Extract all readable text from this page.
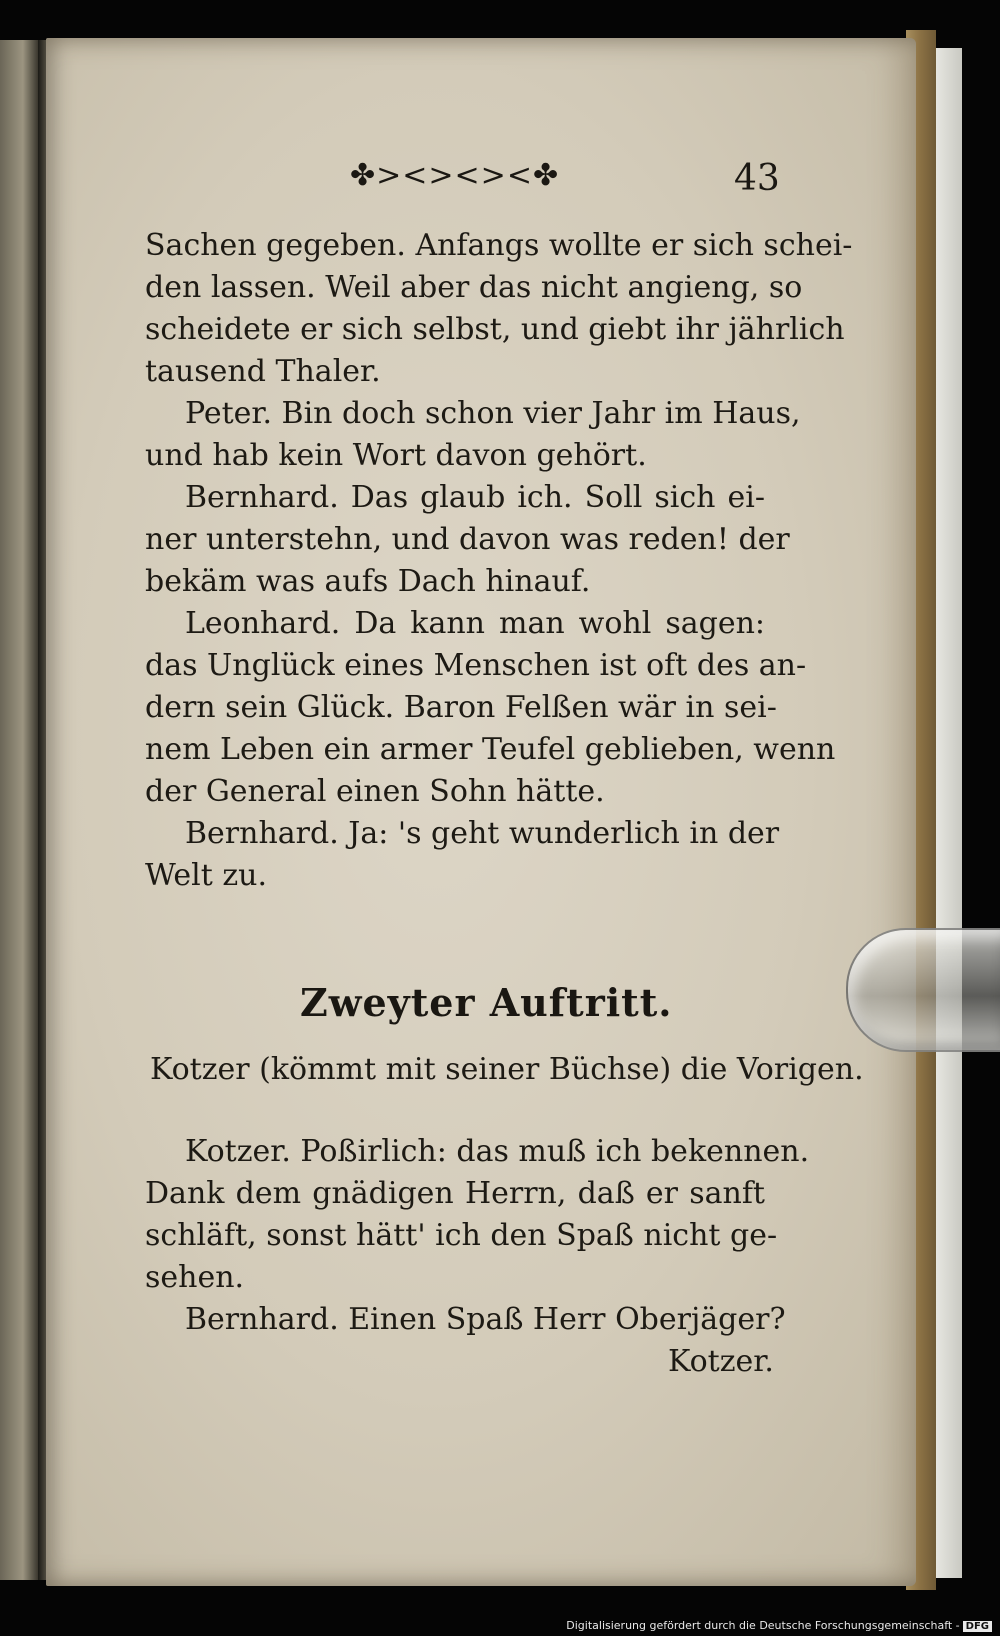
✤><><><✤	43
Sachen gegeben. Anfangs wollte er sich schei-
den lassen. Weil aber das nicht angieng, so
scheidete er sich selbst, und giebt ihr jährlich
tausend Thaler.
Peter. Bin doch schon vier Jahr im Haus,
und hab kein Wort davon gehört.
Bernhard. Das glaub ich. Soll sich ei-
ner unterstehn, und davon was reden! der
bekäm was aufs Dach hinauf.
Leonhard. Da kann man wohl sagen:
das Unglück eines Menschen ist oft des an-
dern sein Glück. Baron Felßen wär in sei-
nem Leben ein armer Teufel geblieben, wenn
der General einen Sohn hätte.
Bernhard. Ja: 's geht wunderlich in der
Welt zu.
Zweyter Auftritt.
Kotzer (kömmt mit seiner Büchse) die Vorigen.
Kotzer. Poßirlich: das muß ich bekennen.
Dank dem gnädigen Herrn, daß er sanft
schläft, sonst hätt' ich den Spaß nicht ge-
sehen.
Bernhard. Einen Spaß Herr Oberjäger?
Kotzer.
Digitalisierung gefördert durch die Deutsche Forschungsgemeinschaft - DFG
